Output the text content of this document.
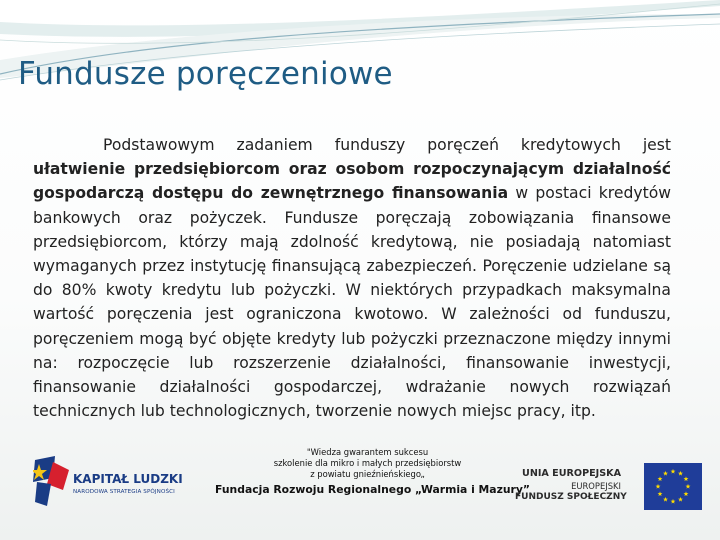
Fundusze poręczeniowe

Podstawowym zadaniem funduszy poręczeń kredytowych jest ułatwienie przedsiębiorcom oraz osobom rozpoczynającym działalność gospodarczą dostępu do zewnętrznego finansowania w postaci kredytów bankowych oraz pożyczek. Fundusze poręczają zobowiązania finansowe przedsiębiorcom, którzy mają zdolność kredytową, nie posiadają natomiast wymaganych przez instytucję finansującą zabezpieczeń. Poręczenie udzielane są do 80% kwoty kredytu lub pożyczki. W niektórych przypadkach maksymalna wartość poręczenia jest ograniczona kwotowo. W zależności od funduszu, poręczeniem mogą być objęte kredyty lub pożyczki przeznaczone między innymi na: rozpoczęcie lub rozszerzenie działalności, finansowanie inwestycji, finansowanie działalności gospodarczej, wdrażanie nowych rozwiązań technicznych lub technologicznych, tworzenie nowych miejsc pracy, itp.

KAPITAŁ LUDZKI
NARODOWA STRATEGIA SPÓJNOŚCI
"Wiedza gwarantem sukcesu
szkolenie dla mikro i małych przedsiębiorstw
z powiatu gnieźnieńskiego„
Fundacja Rozwoju Regionalnego „Warmia i Mazury”
UNIA EUROPEJSKA
EUROPEJSKI
FUNDUSZ SPOŁECZNY
